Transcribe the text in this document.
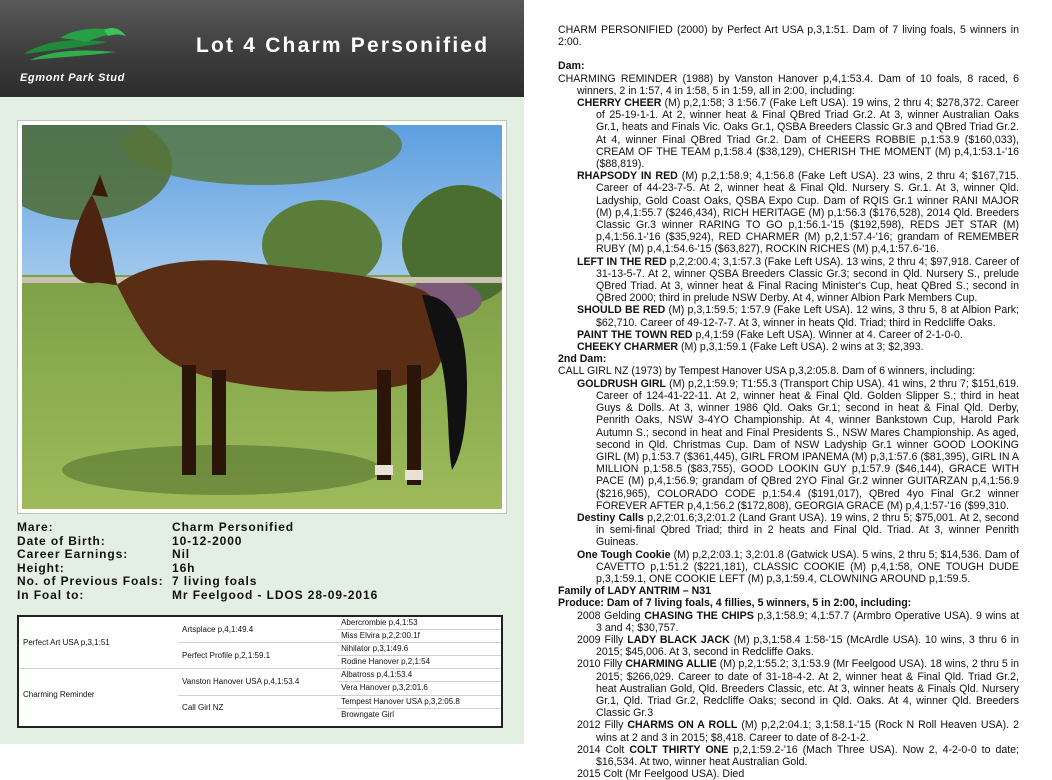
Egmont Park Stud
Lot 4 Charm Personified
Mare:	Charm Personified
Date of Birth:	10-12-2000
Career Earnings:	Nil
Height:	16h
No. of Previous Foals: 7 living foals
In Foal to:	Mr Feelgood - LDOS 28-09-2016
Perfect Art USA p,3,1:51	Artsplace p,4,1:49.4	Abercrombie p,4,1:53
		Miss Elvira p,2,2:00.1f
	Perfect Profile p,2,1:59.1	Nihilator p,3,1:49.6
		Rodine Hanover p,2,1:54
Charming Reminder	Vanston Hanover USA p,4,1:53.4	Albatross p,4,1:53.4
		Vera Hanover p,3,2:01.6
	Call Girl NZ	Tempest Hanover USA p,3,2:05.8
		Browngate Girl

CHARM PERSONIFIED (2000) by Perfect Art USA p,3,1:51. Dam of 7 living foals, 5 winners in 2:00.

Dam:

CHARMING REMINDER (1988) by Vanston Hanover p,4,1:53.4. Dam of 10 foals, 8 raced, 6 winners, 2 in 1:57, 4 in 1:58, 5 in 1:59, all in 2:00, including:

CHERRY CHEER (M) p,2,1:58; 3 1:56.7 (Fake Left USA). 19 wins, 2 thru 4; $278,372. Career of 25-19-1-1. At 2, winner heat & Final QBred Triad Gr.2. At 3, winner Australian Oaks Gr.1, heats and Finals Vic. Oaks Gr.1, QSBA Breeders Classic Gr.3 and QBred Triad Gr.2. At 4, winner Final QBred Triad Gr.2. Dam of CHEERS ROBBIE p,1:53.9 ($160,033), CREAM OF THE TEAM p,1:58.4 ($38,129), CHERISH THE MOMENT (M) p,4,1:53.1-'16 ($88,819).

RHAPSODY IN RED (M) p,2,1:58.9; 4,1:56.8 (Fake Left USA). 23 wins, 2 thru 4; $167,715. Career of 44-23-7-5. At 2, winner heat & Final Qld. Nursery S. Gr.1. At 3, winner Qld. Ladyship, Gold Coast Oaks, QSBA Expo Cup. Dam of RQIS Gr.1 winner RANI MAJOR (M) p,4,1:55.7 ($246,434), RICH HERITAGE (M) p,1:56.3 ($176,528), 2014 Qld. Breeders Classic Gr.3 winner RARING TO GO p,1:56.1-'15 ($192,598), REDS JET STAR (M) p,4,1:56.1-'16 ($35,924), RED CHARMER (M) p,2,1:57.4-'16; grandam of REMEMBER RUBY (M) p,4,1:54.6-'15 ($63,827), ROCKIN RICHES (M) p,4,1:57.6-'16.

LEFT IN THE RED p,2,2:00.4; 3,1:57.3 (Fake Left USA). 13 wins, 2 thru 4; $97,918. Career of 31-13-5-7. At 2, winner QSBA Breeders Classic Gr.3; second in Qld. Nursery S., prelude QBred Triad. At 3, winner heat & Final Racing Minister's Cup, heat QBred S.; second in QBred 2000; third in prelude NSW Derby. At 4, winner Albion Park Members Cup.

SHOULD BE RED (M) p,3,1:59.5; 1:57.9 (Fake Left USA). 12 wins, 3 thru 5, 8 at Albion Park; $62,710. Career of 49-12-7-7. At 3, winner in heats Qld. Triad; third in Redcliffe Oaks.

PAINT THE TOWN RED p,4,1:59 (Fake Left USA). Winner at 4. Career of 2-1-0-0.

CHEEKY CHARMER (M) p,3,1:59.1 (Fake Left USA). 2 wins at 3; $2,393.

2nd Dam:

CALL GIRL NZ (1973) by Tempest Hanover USA p,3,2:05.8. Dam of 6 winners, including:

GOLDRUSH GIRL (M) p,2,1:59.9; T1:55.3 (Transport Chip USA). 41 wins, 2 thru 7; $151,619. Career of 124-41-22-11. At 2, winner heat & Final Qld. Golden Slipper S.; third in heat Guys & Dolls. At 3, winner 1986 Qld. Oaks Gr.1; second in heat & Final Qld. Derby, Penrith Oaks, NSW 3-4YO Championship. At 4, winner Bankstown Cup, Harold Park Autumn S.; second in heat and Final Presidents S., NSW Mares Championship. As aged, second in Qld. Christmas Cup. Dam of NSW Ladyship Gr.1 winner GOOD LOOKING GIRL (M) p,1:53.7 ($361,445), GIRL FROM IPANEMA (M) p,3,1:57.6 ($81,395), GIRL IN A MILLION p,1:58.5 ($83,755), GOOD LOOKIN GUY p,1:57.9 ($46,144), GRACE WITH PACE (M) p,4,1:56.9; grandam of QBred 2YO Final Gr.2 winner GUITARZAN p,4,1:56.9 ($216,965), COLORADO CODE p,1:54.4 ($191,017), QBred 4yo Final Gr.2 winner FOREVER AFTER p,4,1:56.2 ($172,808), GEORGIA GRACE (M) p,4,1:57-'16 ($99,310.

Destiny Calls p,2,2:01.6;3,2:01.2 (Land Grant USA). 19 wins, 2 thru 5; $75,001. At 2, second in semi-final Qbred Triad; third in 2 heats and Final Qld. Triad. At 3, winner Penrith Guineas.

One Tough Cookie (M) p,2,2:03.1; 3,2:01.8 (Gatwick USA). 5 wins, 2 thru 5; $14,536. Dam of CAVETTO p,1:51.2 ($221,181), CLASSIC COOKIE (M) p,4,1:58, ONE TOUGH DUDE p,3,1:59.1, ONE COOKIE LEFT (M) p,3,1:59.4, CLOWNING AROUND p,1:59.5.

Family of LADY ANTRIM – N31

Produce: Dam of 7 living foals, 4 fillies, 5 winners, 5 in 2:00, including:

2008 Gelding CHASING THE CHIPS p,3,1:58.9; 4,1:57.7 (Armbro Operative USA). 9 wins at 3 and 4; $30,757.

2009 Filly LADY BLACK JACK (M) p,3,1:58.4 1:58-'15 (McArdle USA). 10 wins, 3 thru 6 in 2015; $45,006. At 3, second in Redcliffe Oaks.

2010 Filly CHARMING ALLIE (M) p,2,1:55.2; 3,1:53.9 (Mr Feelgood USA). 18 wins, 2 thru 5 in 2015; $266,029. Career to date of 31-18-4-2. At 2, winner heat & Final Qld. Triad Gr.2, heat Australian Gold, Qld. Breeders Classic, etc. At 3, winner heats & Finals Qld. Nursery Gr.1, Qld. Triad Gr.2, Redcliffe Oaks; second in Qld. Oaks. At 4, winner Qld. Breeders Classic Gr.3

2012 Filly CHARMS ON A ROLL (M) p,2,2:04.1; 3,1:58.1-'15 (Rock N Roll Heaven USA). 2 wins at 2 and 3 in 2015; $8,418. Career to date of 8-2-1-2.

2014 Colt COLT THIRTY ONE p,2,1:59.2-'16 (Mach Three USA). Now 2, 4-2-0-0 to date; $16,534. At two, winner heat Australian Gold.

2015 Colt (Mr Feelgood USA). Died
